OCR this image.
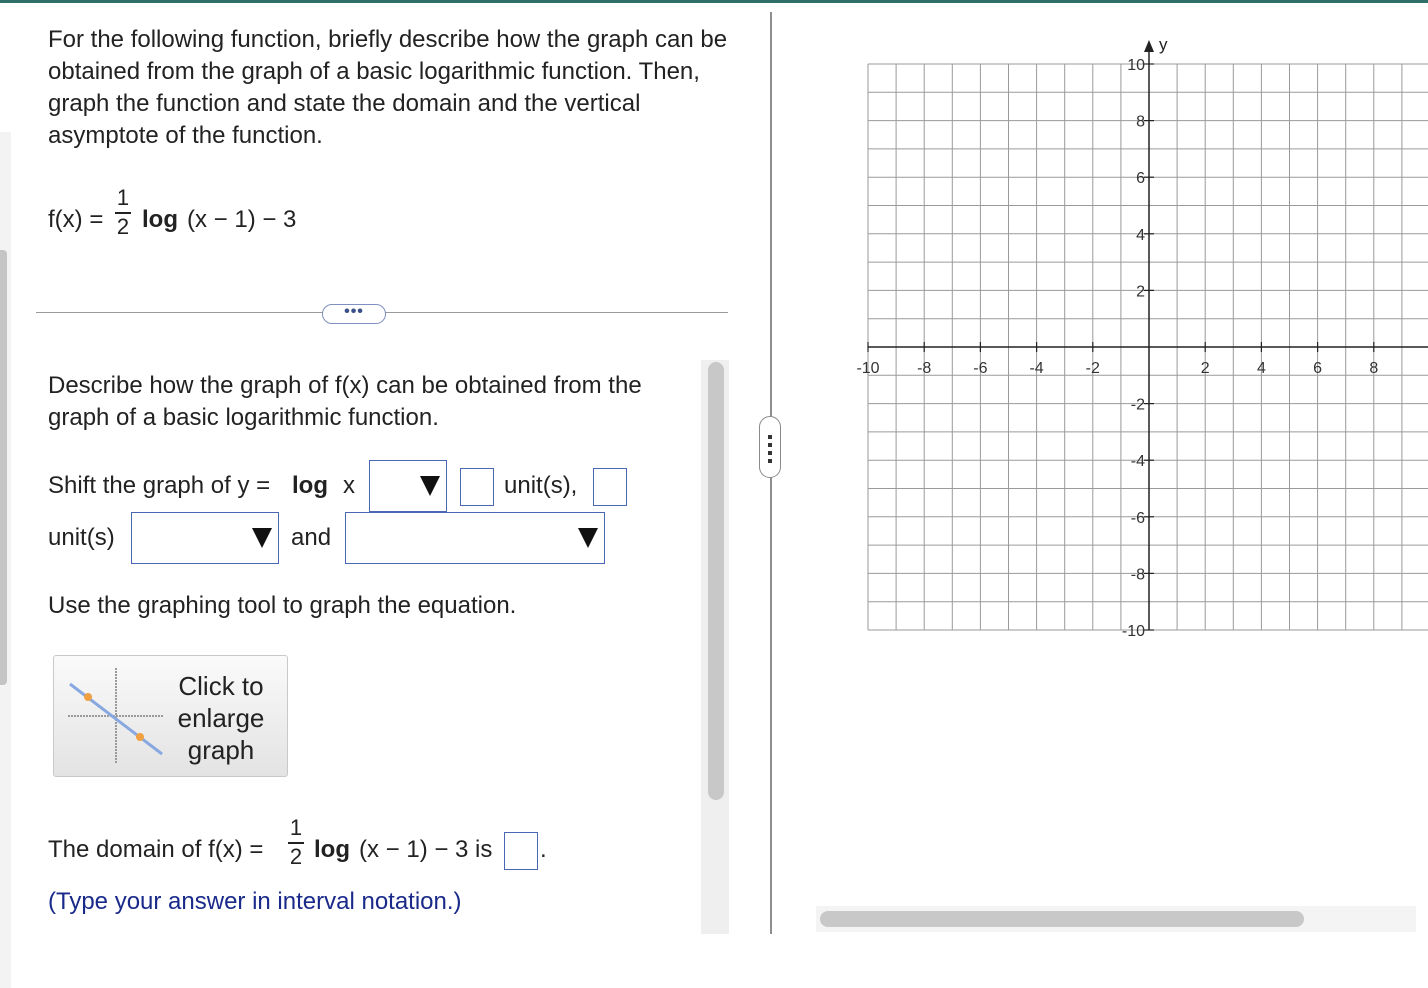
For the following function, briefly describe how the graph can be obtained from the graph of a basic logarithmic function. Then, graph the function and state the domain and the vertical asymptote of the function.
f(x) =
1
2 log (x − 1) − 3
•••
Describe how the graph of f(x) can be obtained from the graph of a basic logarithmic function.
Shift the graph of y = log x	unit(s),
unit(s)	and
Use the graphing tool to graph the equation.
Click to enlarge graph
The domain of f(x) =
1
2 log (x − 1) − 3 is .
(Type your answer in interval notation.)
y
-10 -8	-6	-4	-2	2	4	6	8
10
8
6
4
2
-2
-4
-6
-8
-10
